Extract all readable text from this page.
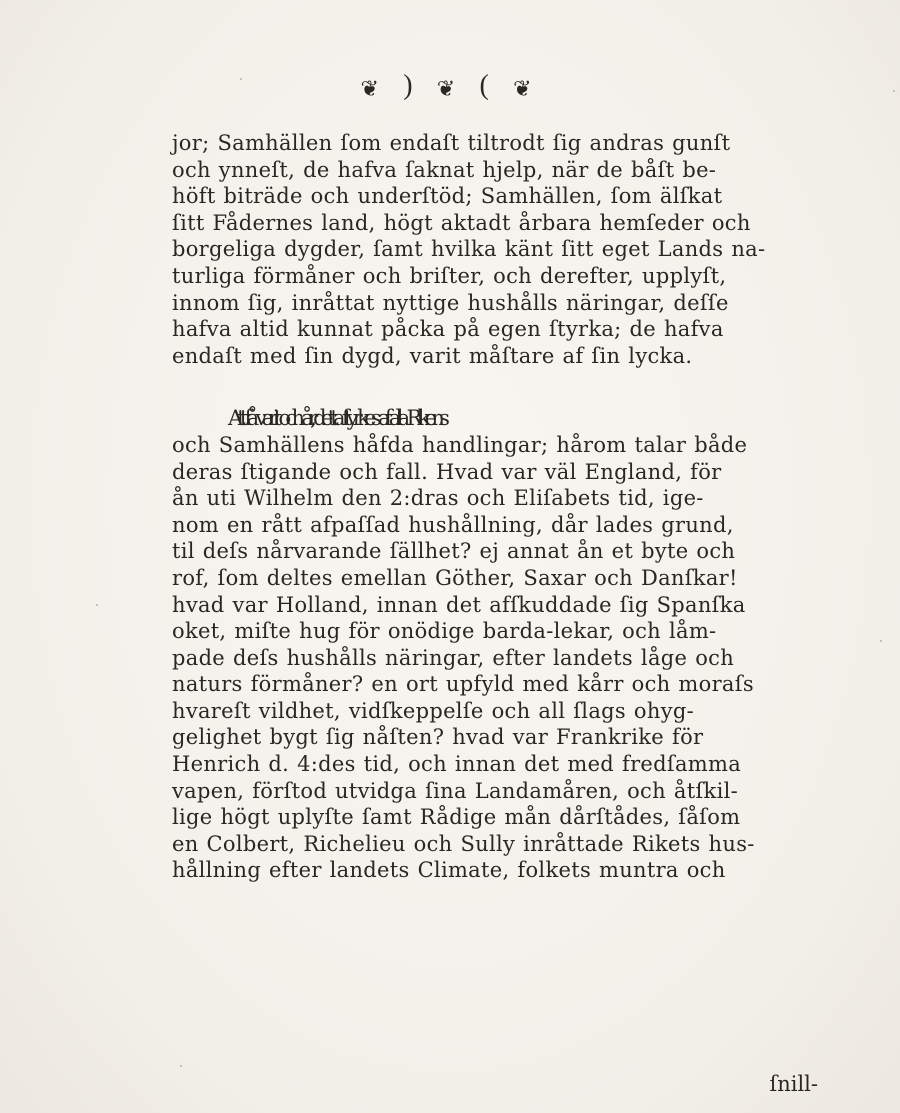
❦ ) ❦ ( ❦
jor; Samhällen ſom endaſt tiltrodt ſig andras gunſt
och ynneſt, de hafva ſaknat hjelp, när de båſt be-
höft biträde och underſtöd; Samhällen, ſom älſkat
ſitt Fådernes land, högt aktadt årbara hemſeder och
borgeliga dygder, ſamt hvilka känt ſitt eget Lands na-
turliga förmåner och briſter, och derefter, upplyſt,
innom ſig, inråttat nyttige hushålls näringar, deſſe
hafva altid kunnat påcka på egen ſtyrka; de hafva
endaſt med ſin dygd, varit måſtare af ſin lycka.
Att få varit och år, detta ſtyrkes af alla Rikens
och Samhällens håfda handlingar; hårom talar både
deras ſtigande och fall. Hvad var väl England, för
ån uti Wilhelm den 2:dras och Eliſabets tid, ige-
nom en rått afpaſſad hushållning, dår lades grund,
til deſs nårvarande ſällhet? ej annat ån et byte och
rof, ſom deltes emellan Göther, Saxar och Danſkar!
hvad var Holland, innan det afſkuddade ſig Spanſka
oket, miſte hug för onödige barda-lekar, och låm-
pade deſs hushålls näringar, efter landets låge och
naturs förmåner? en ort upfyld med kårr och moraſs
hvareſt vildhet, vidſkeppelſe och all ſlags ohyg-
gelighet bygt ſig nåſten? hvad var Frankrike för
Henrich d. 4:des tid, och innan det med fredſamma
vapen, förſtod utvidga ſina Landamåren, och åtſkil-
lige högt uplyſte ſamt Rådige mån dårſtådes, ſåſom
en Colbert, Richelieu och Sully inråttade Rikets hus-
hållning efter landets Climate, folkets muntra och
ſnill-
